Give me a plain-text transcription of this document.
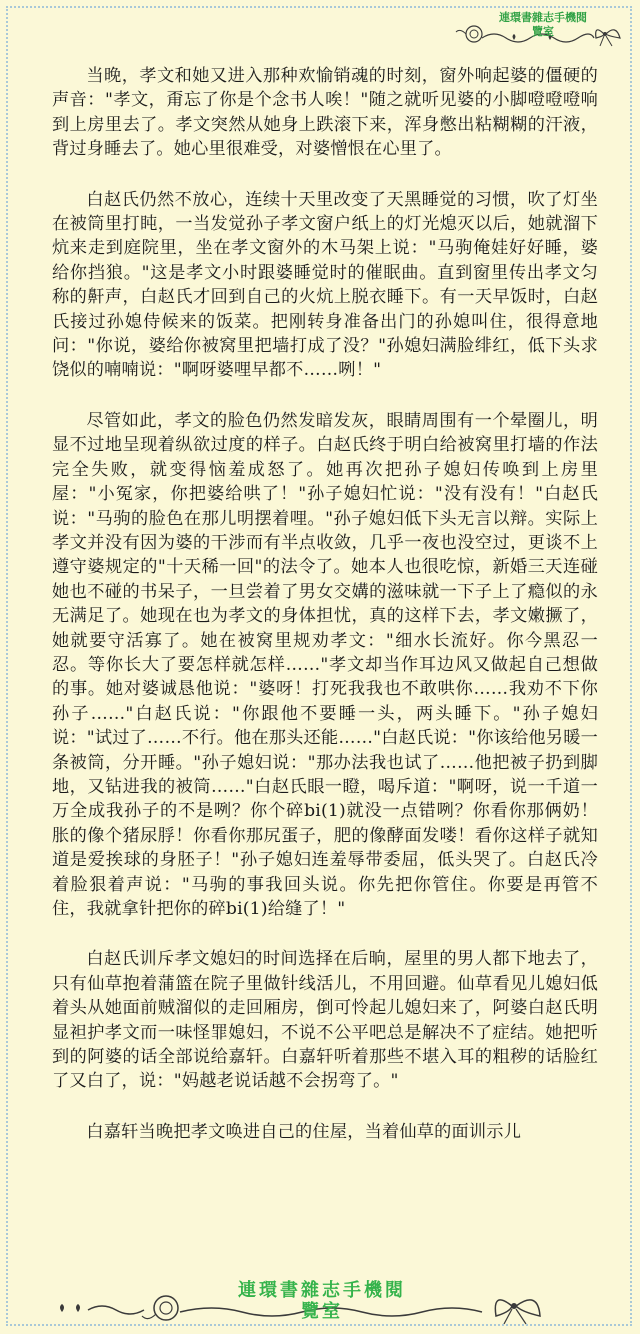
連環書雜志手機閱
覽室

当晚，孝文和她又进入那种欢愉销魂的时刻，窗外响起婆的僵硬的声音："孝文，甭忘了你是个念书人唉！"随之就听见婆的小脚噔噔噔响到上房里去了。孝文突然从她身上跌滚下来，浑身憋出粘糊糊的汗液，背过身睡去了。她心里很难受，对婆憎恨在心里了。

白赵氏仍然不放心，连续十天里改变了天黑睡觉的习惯，吹了灯坐在被筒里打盹，一当发觉孙子孝文窗户纸上的灯光熄灭以后，她就溜下炕来走到庭院里，坐在孝文窗外的木马架上说："马驹俺娃好好睡，婆给你挡狼。"这是孝文小时跟婆睡觉时的催眠曲。直到窗里传出孝文匀称的鼾声，白赵氏才回到自己的火炕上脱衣睡下。有一天早饭时，白赵氏接过孙媳侍候来的饭菜。把刚转身准备出门的孙媳叫住，很得意地问："你说，婆给你被窝里把墙打成了没？"孙媳妇满脸绯红，低下头求饶似的喃喃说："啊呀婆哩早都不……咧！"

尽管如此，孝文的脸色仍然发暗发灰，眼睛周围有一个晕圈儿，明显不过地呈现着纵欲过度的样子。白赵氏终于明白给被窝里打墙的作法完全失败，就变得恼羞成怒了。她再次把孙子媳妇传唤到上房里屋："小冤家，你把婆给哄了！"孙子媳妇忙说："没有没有！"白赵氏说："马驹的脸色在那儿明摆着哩。"孙子媳妇低下头无言以辩。实际上孝文并没有因为婆的干涉而有半点收敛，几乎一夜也没空过，更谈不上遵守婆规定的"十天稀一回"的法令了。她本人也很吃惊，新婚三天连碰她也不碰的书呆子，一旦尝着了男女交媾的滋味就一下子上了瘾似的永无满足了。她现在也为孝文的身体担忧，真的这样下去，孝文嫩撅了，她就要守活寡了。她在被窝里规劝孝文："细水长流好。你今黑忍一忍。等你长大了要怎样就怎样……"孝文却当作耳边风又做起自己想做的事。她对婆诚恳他说："婆呀！打死我我也不敢哄你……我劝不下你孙子……"白赵氏说："你跟他不要睡一头，两头睡下。"孙子媳妇说："试过了……不行。他在那头还能……"白赵氏说："你该给他另暖一条被筒，分开睡。"孙子媳妇说："那办法我也试了……他把被子扔到脚地，又钻进我的被筒……"白赵氏眼一瞪，喝斥道："啊呀，说一千道一万全成我孙子的不是咧？你个碎bi(1)就没一点错咧？你看你那俩奶！胀的像个猪尿脬！你看你那尻蛋子，肥的像酵面发喽！看你这样子就知道是爱挨球的身胚子！"孙子媳妇连羞辱带委屈，低头哭了。白赵氏冷着脸狠着声说："马驹的事我回头说。你先把你管住。你要是再管不住，我就拿针把你的碎bi(1)给缝了！"

白赵氏训斥孝文媳妇的时间选择在后晌，屋里的男人都下地去了，只有仙草抱着蒲篮在院子里做针线活儿，不用回避。仙草看见儿媳妇低着头从她面前贼溜似的走回厢房，倒可怜起儿媳妇来了，阿婆白赵氏明显袒护孝文而一味怪罪媳妇，不说不公平吧总是解决不了症结。她把听到的阿婆的话全部说给嘉轩。白嘉轩听着那些不堪入耳的粗秽的话脸红了又白了，说："妈越老说话越不会拐弯了。"

白嘉轩当晚把孝文唤进自己的住屋，当着仙草的面训示儿

連環書雜志手機閱
覽室
